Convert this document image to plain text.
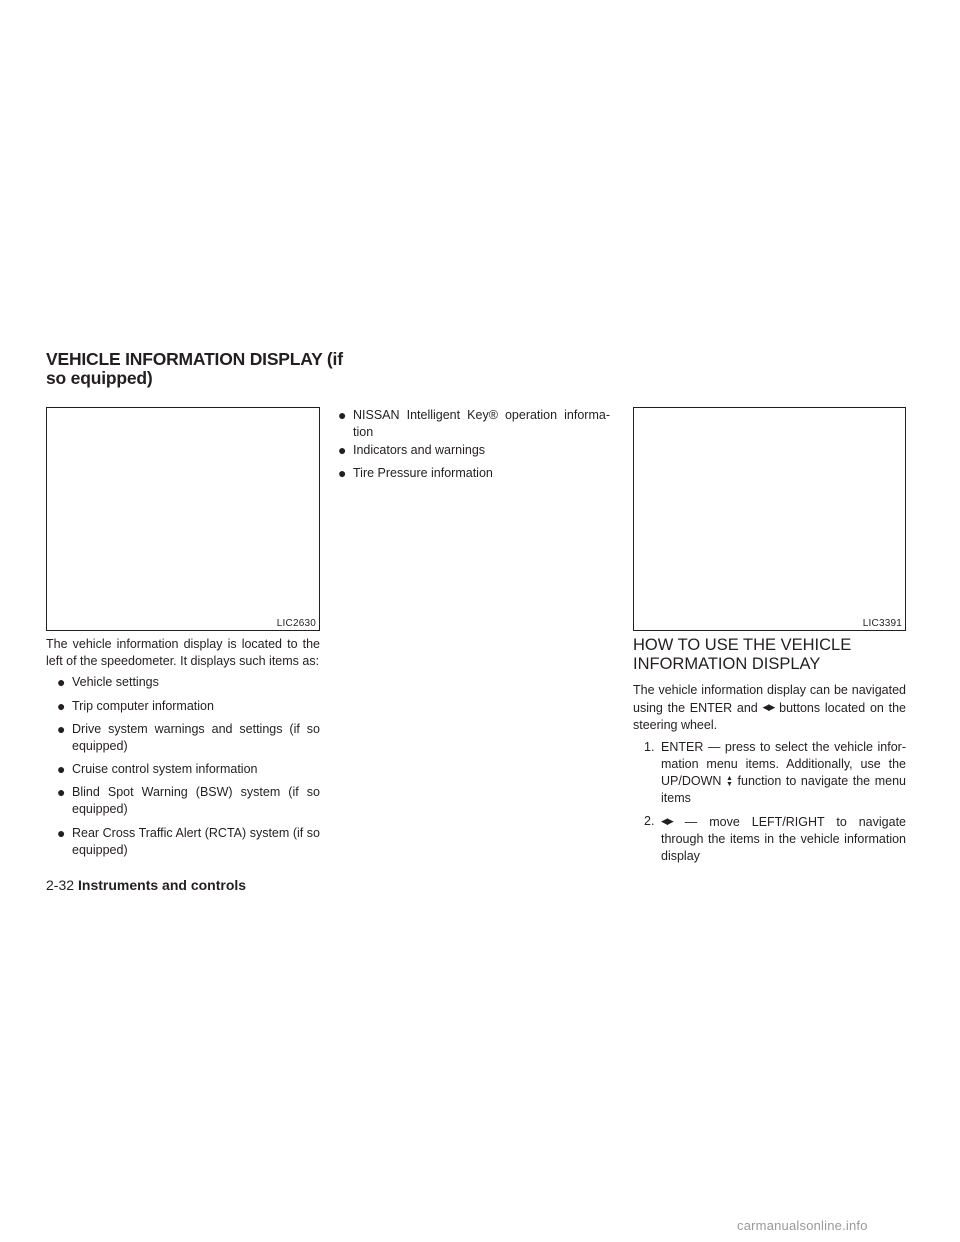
VEHICLE INFORMATION DISPLAY (if
so equipped)
LIC2630	LIC3391
The vehicle information display is located to the left of the speedometer. It displays such items as:
● Vehicle settings
● Trip computer information
● Drive system warnings and settings (if so equipped)
● Cruise control system information
● Blind Spot Warning (BSW) system (if so equipped)
● Rear Cross Traffic Alert (RCTA) system (if so equipped)
● NISSAN Intelligent Key® operation informa-tion
● Indicators and warnings
● Tire Pressure information
HOW TO USE THE VEHICLE
INFORMATION DISPLAY
The vehicle information display can be navigated using the ENTER and ◀▶ buttons located on the steering wheel.
1. ENTER — press to select the vehicle infor-mation menu items. Additionally, use the UP/DOWN ▲
▼ function to navigate the menu items
2. ◀▶ — move LEFT/RIGHT to navigate through the items in the vehicle information display
2-32 Instruments and controls
carmanualsonline.info
